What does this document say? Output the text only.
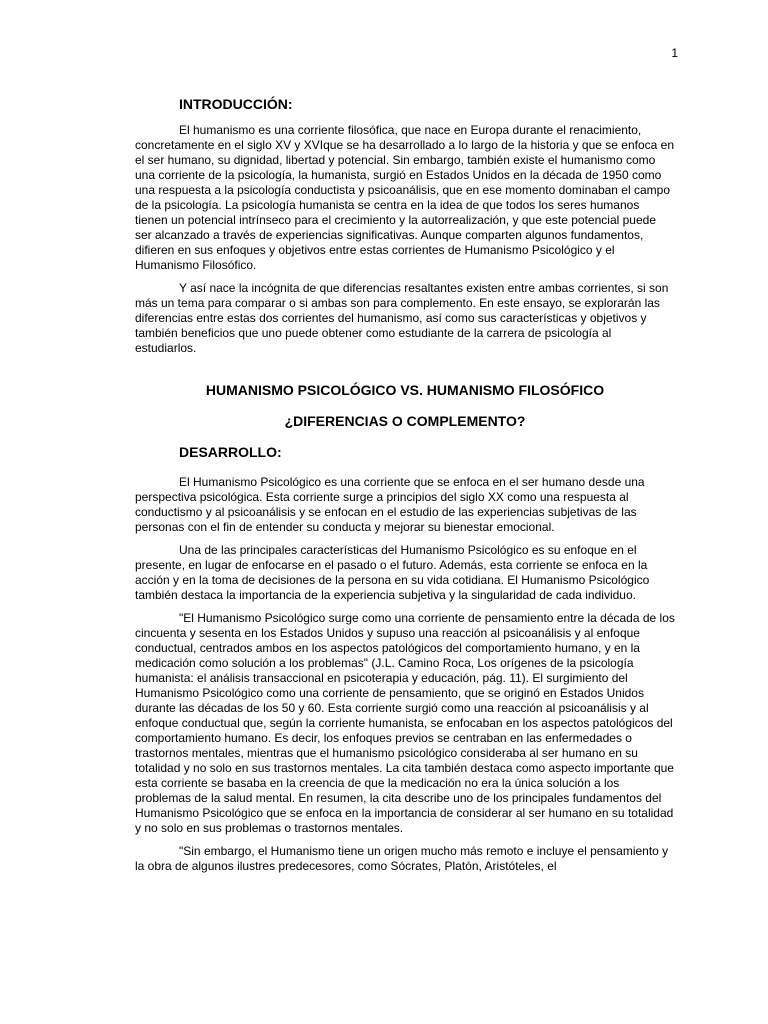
1
INTRODUCCIÓN:

El humanismo es una corriente filosófica, que nace en Europa durante el renacimiento, concretamente en el siglo XV y XVIque se ha desarrollado a lo largo de la historia y que se enfoca en el ser humano, su dignidad, libertad y potencial. Sin embargo, también existe el humanismo como una corriente de la psicología, la humanista, surgió en Estados Unidos en la década de 1950 como una respuesta a la psicología conductista y psicoanálisis, que en ese momento dominaban el campo de la psicología. La psicología humanista se centra en la idea de que todos los seres humanos tienen un potencial intrínseco para el crecimiento y la autorrealización, y que este potencial puede ser alcanzado a través de experiencias significativas. Aunque comparten algunos fundamentos, difieren en sus enfoques y objetivos entre estas corrientes de Humanismo Psicológico y el Humanismo Filosófico.

Y así nace la incógnita de que diferencias resaltantes existen entre ambas corrientes, si son más un tema para comparar o si ambas son para complemento. En este ensayo, se explorarán las diferencias entre estas dos corrientes del humanismo, así como sus características y objetivos y también beneficios que uno puede obtener como estudiante de la carrera de psicología al estudiarlos.

HUMANISMO PSICOLÓGICO VS. HUMANISMO FILOSÓFICO
¿DIFERENCIAS O COMPLEMENTO?
DESARROLLO:

El Humanismo Psicológico es una corriente que se enfoca en el ser humano desde una perspectiva psicológica. Esta corriente surge a principios del siglo XX como una respuesta al conductismo y al psicoanálisis y se enfocan en el estudio de las experiencias subjetivas de las personas con el fin de entender su conducta y mejorar su bienestar emocional.

Una de las principales características del Humanismo Psicológico es su enfoque en el presente, en lugar de enfocarse en el pasado o el futuro. Además, esta corriente se enfoca en la acción y en la toma de decisiones de la persona en su vida cotidiana. El Humanismo Psicológico también destaca la importancia de la experiencia subjetiva y la singularidad de cada individuo.

"El Humanismo Psicológico surge como una corriente de pensamiento entre la década de los cincuenta y sesenta en los Estados Unidos y supuso una reacción al psicoanálisis y al enfoque conductual, centrados ambos en los aspectos patológicos del comportamiento humano, y en la medicación como solución a los problemas" (J.L. Camino Roca, Los orígenes de la psicología humanista: el análisis transaccional en psicoterapia y educación, pág. 11). El surgimiento del Humanismo Psicológico como una corriente de pensamiento, que se originó en Estados Unidos durante las décadas de los 50 y 60. Esta corriente surgió como una reacción al psicoanálisis y al enfoque conductual que, según la corriente humanista, se enfocaban en los aspectos patológicos del comportamiento humano. Es decir, los enfoques previos se centraban en las enfermedades o trastornos mentales, mientras que el humanismo psicológico consideraba al ser humano en su totalidad y no solo en sus trastornos mentales. La cita también destaca como aspecto importante que esta corriente se basaba en la creencia de que la medicación no era la única solución a los problemas de la salud mental. En resumen, la cita describe uno de los principales fundamentos del Humanismo Psicológico que se enfoca en la importancia de considerar al ser humano en su totalidad y no solo en sus problemas o trastornos mentales.

"Sin embargo, el Humanismo tiene un origen mucho más remoto e incluye el pensamiento y la obra de algunos ilustres predecesores, como Sócrates, Platón, Aristóteles, el
